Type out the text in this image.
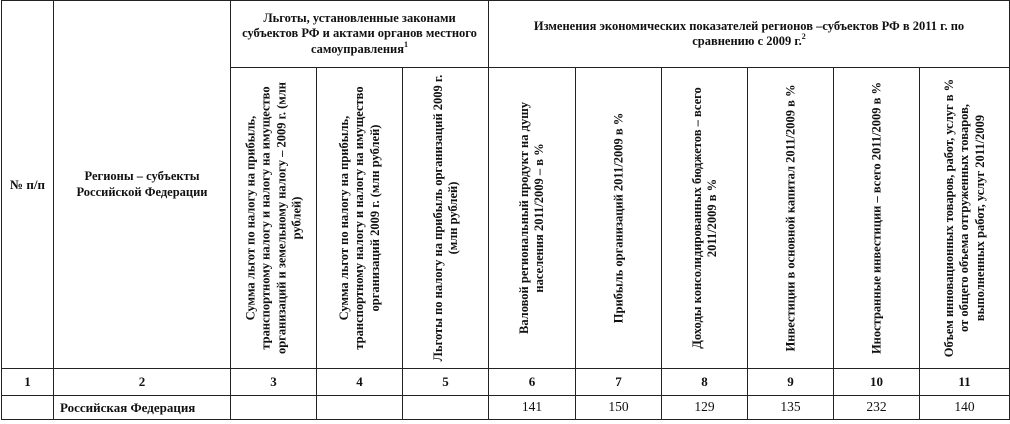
№ п/п	Регионы – субъекты Российской Федерации	Льготы, установленные законами субъектов РФ и актами органов местного самоуправления$^1$			Изменения экономических показателей регионов –субъектов РФ в 2011 г. по сравнению с 2009 г.$^2$

		Сумма льгот по налогу на прибыль, транспортному налогу и налогу на имущество организаций и земельному налогу – 2009 г. (млн рублей)	Сумма льгот по налогу на прибыль, транспортному налогу и налогу на имущество организаций 2009 г. (млн рублей)	Льготы по налогу на прибыль организаций 2009 г. (млн рублей)	Валовой региональный продукт на душу населения 2011/2009 – в %	Прибыль организаций 2011/2009 в %	Доходы консолидированных бюджетов – всего 2011/2009 в %	Инвестиции в основной капитал 2011/2009 в %	Иностранные инвестиции – всего 2011/2009 в %	Объем инновационных товаров, работ, услуг в % от общего объема отгруженных товаров, выполненных работ, услуг 2011/2009

1	2	3	4	5	6	7	8	9	10	11
	Российская Федерация				141	150	129	135	232	140
